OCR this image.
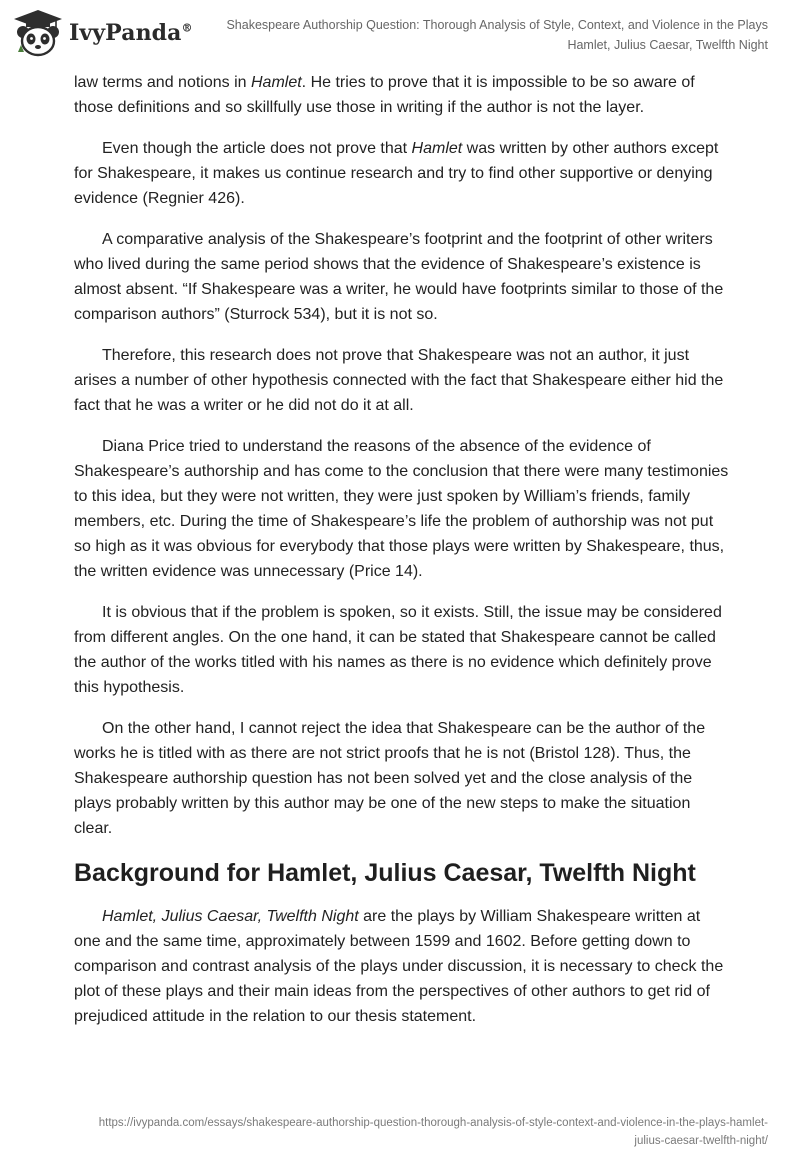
IvyPanda®	Shakespeare Authorship Question: Thorough Analysis of Style, Context, and Violence in the Plays
Hamlet, Julius Caesar, Twelfth Night

law terms and notions in Hamlet. He tries to prove that it is impossible to be so aware of those definitions and so skillfully use those in writing if the author is not the layer.

Even though the article does not prove that Hamlet was written by other authors except for Shakespeare, it makes us continue research and try to find other supportive or denying evidence (Regnier 426).

A comparative analysis of the Shakespeare’s footprint and the footprint of other writers who lived during the same period shows that the evidence of Shakespeare’s existence is almost absent. “If Shakespeare was a writer, he would have footprints similar to those of the comparison authors” (Sturrock 534), but it is not so.

Therefore, this research does not prove that Shakespeare was not an author, it just arises a number of other hypothesis connected with the fact that Shakespeare either hid the fact that he was a writer or he did not do it at all.

Diana Price tried to understand the reasons of the absence of the evidence of Shakespeare’s authorship and has come to the conclusion that there were many testimonies to this idea, but they were not written, they were just spoken by William’s friends, family members, etc. During the time of Shakespeare’s life the problem of authorship was not put so high as it was obvious for everybody that those plays were written by Shakespeare, thus, the written evidence was unnecessary (Price 14).

It is obvious that if the problem is spoken, so it exists. Still, the issue may be considered from different angles. On the one hand, it can be stated that Shakespeare cannot be called the author of the works titled with his names as there is no evidence which definitely prove this hypothesis.

On the other hand, I cannot reject the idea that Shakespeare can be the author of the works he is titled with as there are not strict proofs that he is not (Bristol 128). Thus, the Shakespeare authorship question has not been solved yet and the close analysis of the plays probably written by this author may be one of the new steps to make the situation clear.

Background for Hamlet, Julius Caesar, Twelfth Night

Hamlet, Julius Caesar, Twelfth Night are the plays by William Shakespeare written at one and the same time, approximately between 1599 and 1602. Before getting down to comparison and contrast analysis of the plays under discussion, it is necessary to check the plot of these plays and their main ideas from the perspectives of other authors to get rid of prejudiced attitude in the relation to our thesis statement.

https://ivypanda.com/essays/shakespeare-authorship-question-thorough-analysis-of-style-context-and-violence-in-the-plays-hamlet-
julius-caesar-twelfth-night/
